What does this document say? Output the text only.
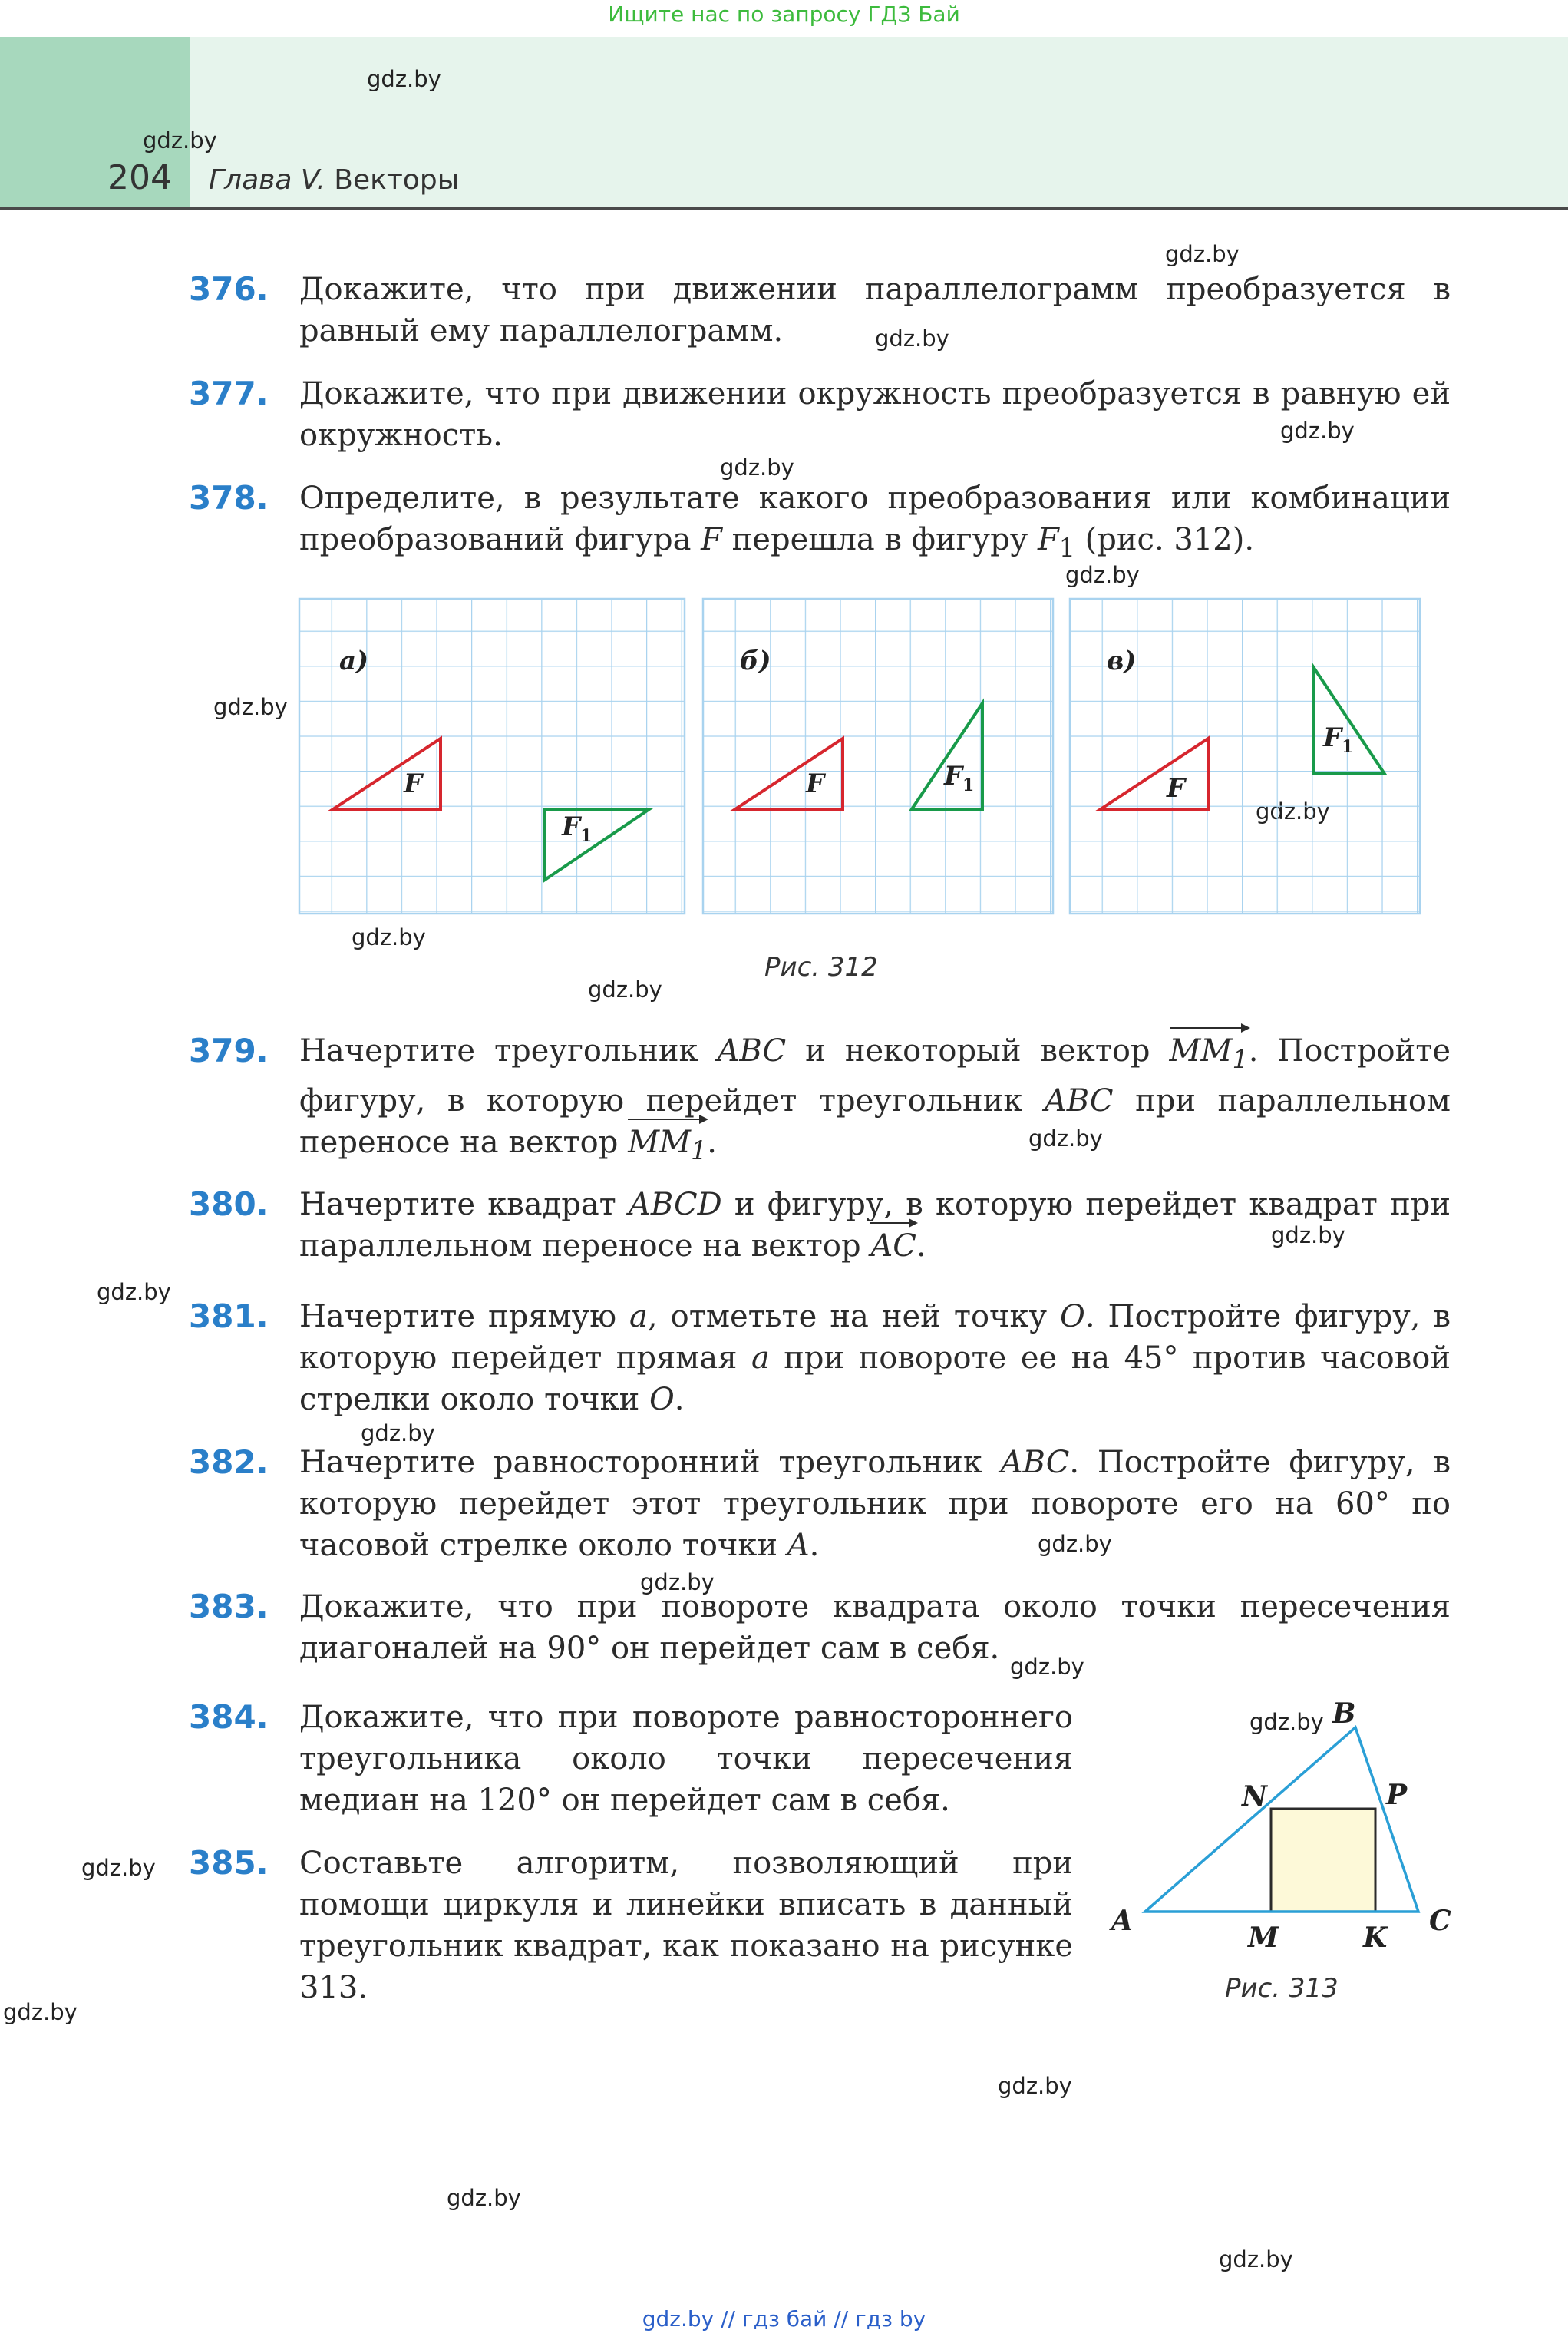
Ищите нас по запросу ГДЗ Бай
204 Глава V. Векторы
gdz.by
gdz.by
gdz.by
gdz.by
gdz.by
gdz.by
gdz.by
gdz.by
gdz.by
gdz.by
gdz.by
gdz.by
gdz.by
gdz.by
gdz.by
gdz.by
gdz.by
gdz.by
gdz.by
gdz.by
gdz.by
gdz.by
gdz.by
376. Докажите, что при движении параллелограмм преобразуется в равный ему параллелограмм.
377. Докажите, что при движении окружность преобразуется в равную ей окружность.
378. Определите, в результате какого преобразования или комбинации преобразований фигура F перешла в фигуру $F_1$ (рис. 312).
а)
F
F 1
б)
F	F 1
в)
F
F 1
Рис. 312
379. Начертите треугольник ABC и некоторый вектор $MM_1$. Постройте фигуру, в которую перейдет треугольник ABC при параллельном переносе на вектор $MM_1$.
380. Начертите квадрат ABCD и фигуру, в которую перейдет квадрат при параллельном переносе на вектор AC.
381. Начертите прямую a, отметьте на ней точку O. Постройте фигуру, в которую перейдет прямая a при повороте ее на 45° против часовой стрелки около точки O.
382. Начертите равносторонний треугольник ABC. Постройте фигуру, в которую перейдет этот треугольник при повороте его на 60° по часовой стрелке около точки A.
383. Докажите, что при повороте квадрата около точки пересечения диагоналей на 90° он перейдет сам в себя.
384. Докажите, что при повороте равностороннего треугольника около точки пересечения медиан на 120° он перейдет сам в себя.
385. Составьте алгоритм, позволяющий при помощи циркуля и линейки вписать в данный треугольник квадрат, как показано на рисунке 313.
A
B
C
N	P
M	K
Рис. 313
gdz.by // гдз бай // гдз by
